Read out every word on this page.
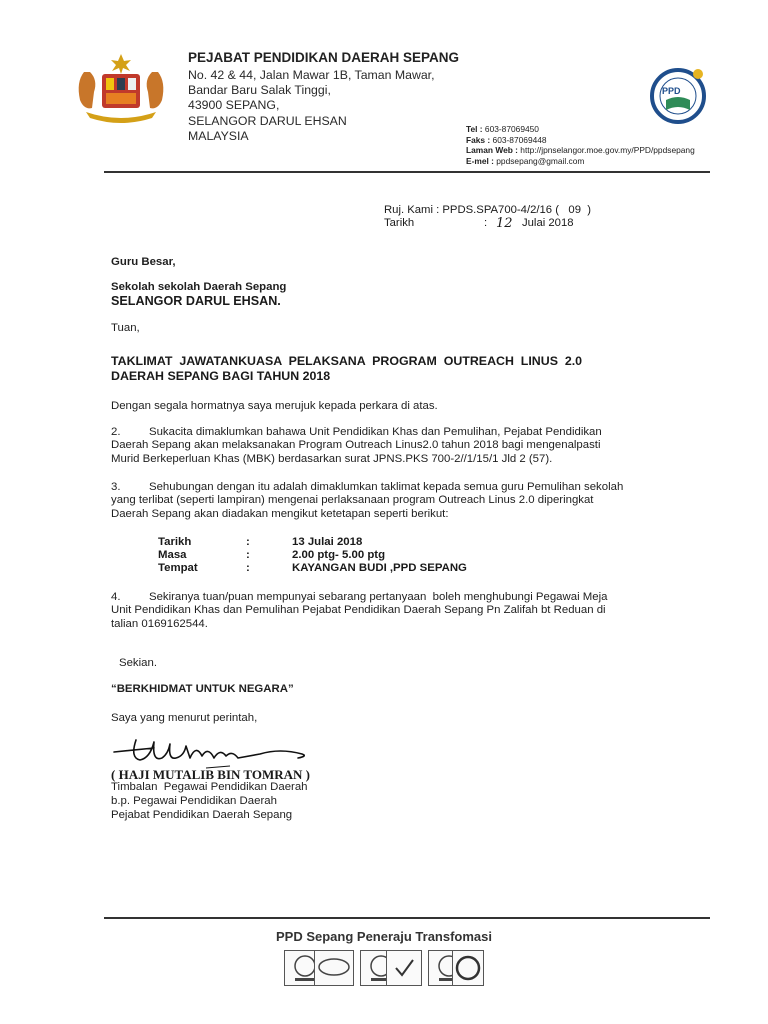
PPD
PEJABAT PENDIDIKAN DAERAH SEPANG
No. 42 & 44, Jalan Mawar 1B, Taman Mawar,
Bandar Baru Salak Tinggi,
43900 SEPANG,
SELANGOR DARUL EHSAN
MALAYSIA	Tel : 603-87069450
Faks : 603-87069448
Laman Web : http://jpnselangor.moe.gov.my/PPD/ppdsepang
E-mel : ppdsepang@gmail.com
Ruj. Kami : PPDS.SPA700-4/2/16 ( 09 )
Tarikh	: 12 Julai 2018
Guru Besar,
Sekolah sekolah Daerah Sepang
SELANGOR DARUL EHSAN.
Tuan,
TAKLIMAT  JAWATANKUASA  PELAKSANA  PROGRAM  OUTREACH  LINUS  2.0
DAERAH SEPANG BAGI TAHUN 2018
Dengan segala hormatnya saya merujuk kepada perkara di atas.
2.         Sukacita dimaklumkan bahawa Unit Pendidikan Khas dan Pemulihan, Pejabat Pendidikan
Daerah Sepang akan melaksanakan Program Outreach Linus2.0 tahun 2018 bagi mengenalpasti
Murid Berkeperluan Khas (MBK) berdasarkan surat JPNS.PKS 700-2//1/15/1 Jld 2 (57).
3.         Sehubungan dengan itu adalah dimaklumkan taklimat kepada semua guru Pemulihan sekolah
yang terlibat (seperti lampiran) mengenai perlaksanaan program Outreach Linus 2.0 diperingkat
Daerah Sepang akan diadakan mengikut ketetapan seperti berikut:
Tarikh	:	13 Julai 2018
Masa	:	2.00 ptg- 5.00 ptg
Tempat	:	KAYANGAN BUDI ,PPD SEPANG
4.         Sekiranya tuan/puan mempunyai sebarang pertanyaan  boleh menghubungi Pegawai Meja
Unit Pendidikan Khas dan Pemulihan Pejabat Pendidikan Daerah Sepang Pn Zalifah bt Reduan di
talian 0169162544.
Sekian.
“BERKHIDMAT UNTUK NEGARA”
Saya yang menurut perintah,
( HAJI MUTALIB BIN TOMRAN )
Timbalan  Pegawai Pendidikan Daerah
b.p. Pegawai Pendidikan Daerah
Pejabat Pendidikan Daerah Sepang
PPD Sepang Peneraju Transfomasi
